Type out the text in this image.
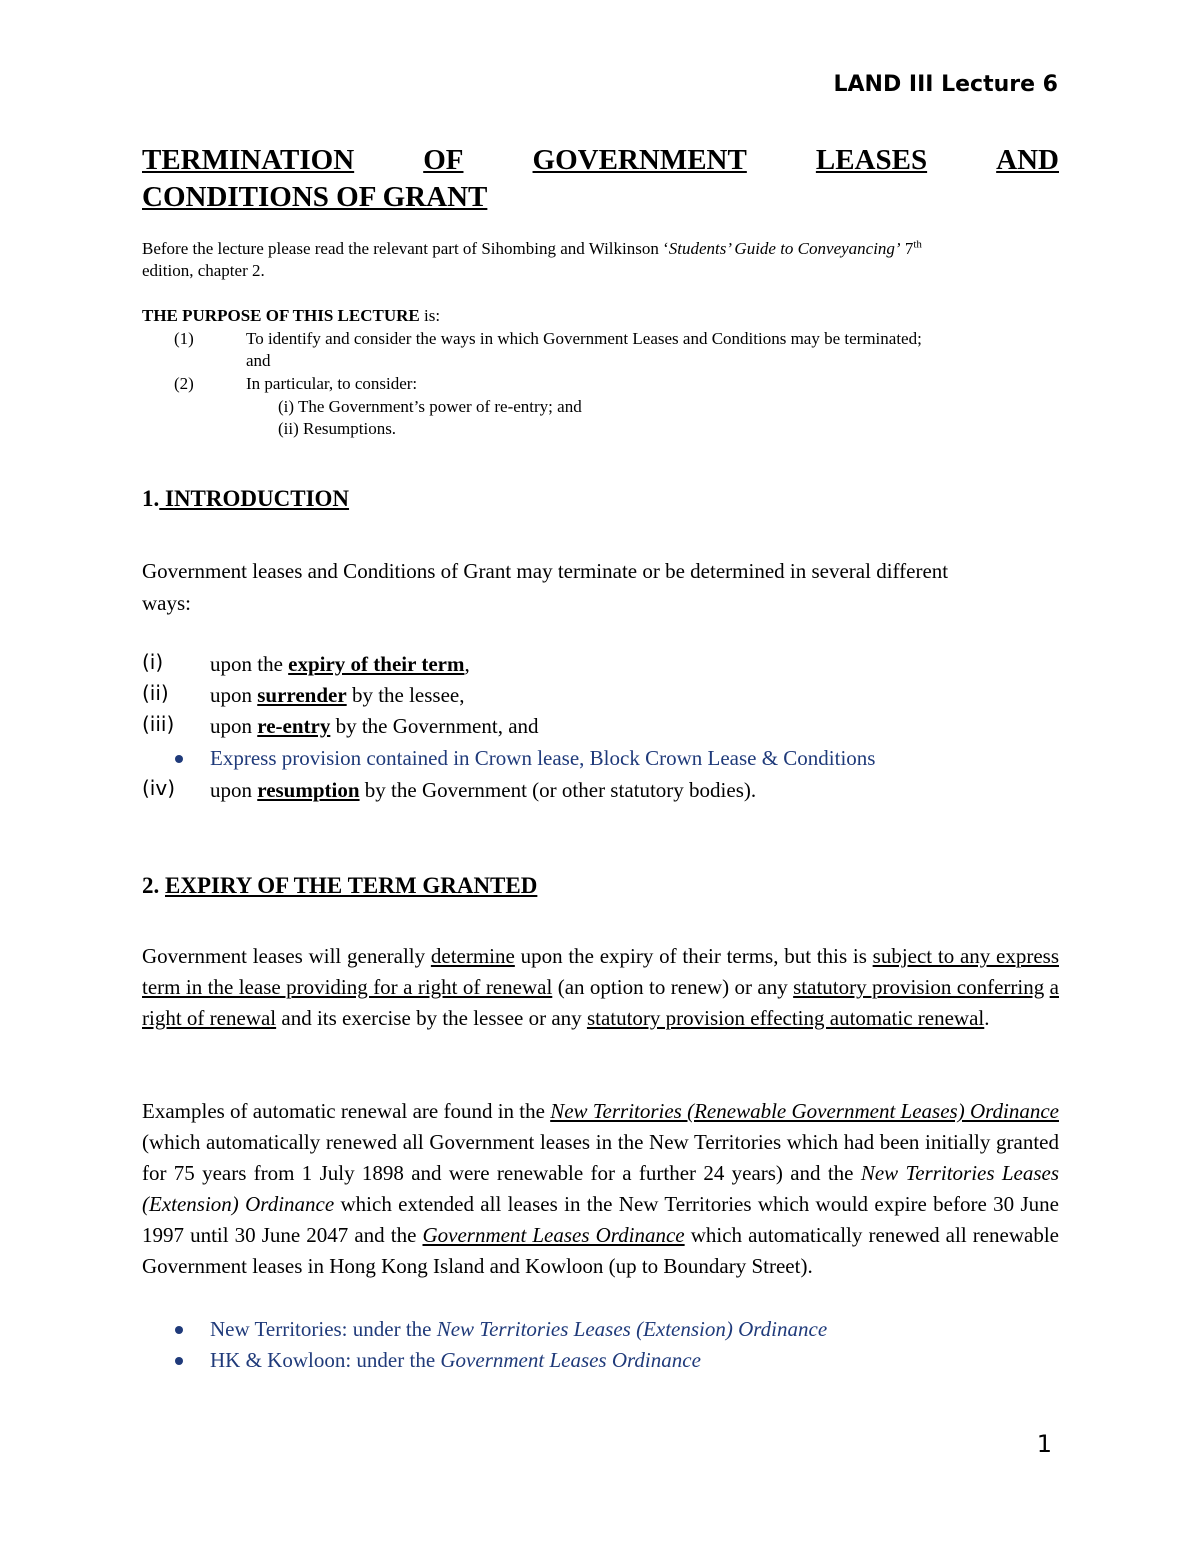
LAND III Lecture 6
TERMINATION OF GOVERNMENT LEASES AND
CONDITIONS OF GRANT
Before the lecture please read the relevant part of Sihombing and Wilkinson ‘Students’ Guide to Conveyancing’ 7th
edition, chapter 2.
THE PURPOSE OF THIS LECTURE is:
(1)	To identify and consider the ways in which Government Leases and Conditions may be terminated;
and
(2)	In particular, to consider:
(i) The Government’s power of re-entry; and
(ii) Resumptions.
1. INTRODUCTION
Government leases and Conditions of Grant may terminate or be determined in several different
ways:
(i) upon the expiry of their term,
(ii) upon surrender by the lessee,
(iii) upon re-entry by the Government, and
Express provision contained in Crown lease, Block Crown Lease & Conditions
(iv) upon resumption by the Government (or other statutory bodies).
2. EXPIRY OF THE TERM GRANTED
Government leases will generally determine upon the expiry of their terms, but this is subject to any express term in the lease providing for a right of renewal (an option to renew) or any statutory provision conferring a right of renewal and its exercise by the lessee or any statutory provision effecting automatic renewal.
Examples of automatic renewal are found in the New Territories (Renewable Government Leases) Ordinance (which automatically renewed all Government leases in the New Territories which had been initially granted for 75 years from 1 July 1898 and were renewable for a further 24 years) and the New Territories Leases (Extension) Ordinance which extended all leases in the New Territories which would expire before 30 June 1997 until 30 June 2047 and the Government Leases Ordinance which automatically renewed all renewable Government leases in Hong Kong Island and Kowloon (up to Boundary Street).
New Territories: under the New Territories Leases (Extension) Ordinance
HK & Kowloon: under the Government Leases Ordinance
1
